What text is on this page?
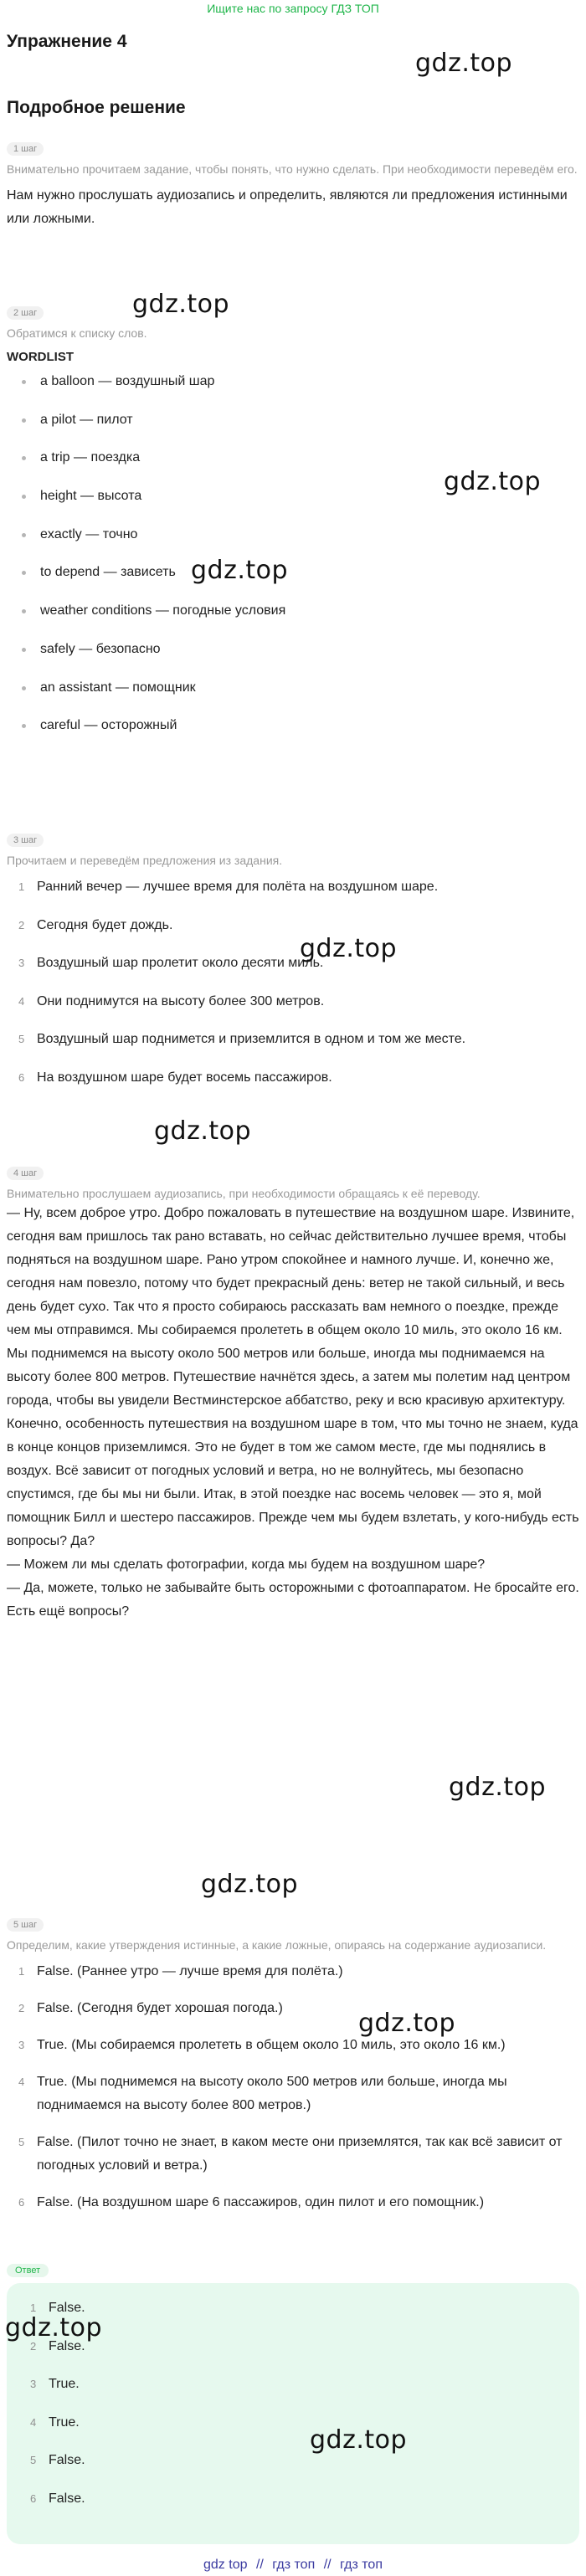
Ищите нас по запросу ГДЗ ТОП
Упражнение 4
gdz.top
Подробное решение
1 шаг
Внимательно прочитаем задание, чтобы понять, что нужно сделать. При необходимости переведём его.
Нам нужно прослушать аудиозапись и определить, являются ли предложения истинными или ложными.
gdz.top
2 шаг
Обратимся к списку слов.
WORDLIST
a balloon — воздушный шар
a pilot — пилот
a trip — поездка
height — высота
exactly — точно
to depend — зависеть
weather conditions — погодные условия
safely — безопасно
an assistant — помощник
careful — осторожный
gdz.top
gdz.top
3 шаг
Прочитаем и переведём предложения из задания.
1 Ранний вечер — лучшее время для полёта на воздушном шаре.
2 Сегодня будет дождь.
3 Воздушный шар пролетит около десяти миль.
4 Они поднимутся на высоту более 300 метров.
5 Воздушный шар поднимется и приземлится в одном и том же месте.
6 На воздушном шаре будет восемь пассажиров.
gdz.top
gdz.top
4 шаг
Внимательно прослушаем аудиозапись, при необходимости обращаясь к её переводу.
— Ну, всем доброе утро. Добро пожаловать в путешествие на воздушном шаре. Извините, сегодня вам пришлось так рано вставать, но сейчас действительно лучшее время, чтобы подняться на воздушном шаре. Рано утром спокойнее и намного лучше. И, конечно же, сегодня нам повезло, потому что будет прекрасный день: ветер не такой сильный, и весь день будет сухо. Так что я просто собираюсь рассказать вам немного о поездке, прежде чем мы отправимся. Мы собираемся пролететь в общем около 10 миль, это около 16 км. Мы поднимемся на высоту около 500 метров или больше, иногда мы поднимаемся на высоту более 800 метров. Путешествие начнётся здесь, а затем мы полетим над центром города, чтобы вы увидели Вестминстерское аббатство, реку и всю красивую архитектуру. Конечно, особенность путешествия на воздушном шаре в том, что мы точно не знаем, куда в конце концов приземлимся. Это не будет в том же самом месте, где мы поднялись в воздух. Всё зависит от погодных условий и ветра, но не волнуйтесь, мы безопасно спустимся, где бы мы ни были. Итак, в этой поездке нас восемь человек — это я, мой помощник Билл и шестеро пассажиров. Прежде чем мы будем взлетать, у кого-нибудь есть вопросы? Да?
— Можем ли мы сделать фотографии, когда мы будем на воздушном шаре?
— Да, можете, только не забывайте быть осторожными с фотоаппаратом. Не бросайте его. Есть ещё вопросы?
gdz.top
gdz.top
5 шаг
Определим, какие утверждения истинные, а какие ложные, опираясь на содержание аудиозаписи.
1 False. (Раннее утро — лучше время для полёта.)
2 False. (Сегодня будет хорошая погода.)
3 True. (Мы собираемся пролететь в общем около 10 миль, это около 16 км.)
4 True. (Мы поднимемся на высоту около 500 метров или больше, иногда мы поднимаемся на высоту более 800 метров.)
5 False. (Пилот точно не знает, в каком месте они приземлятся, так как всё зависит от погодных условий и ветра.)
6 False. (На воздушном шаре 6 пассажиров, один пилот и его помощник.)
gdz.top
Ответ
1 False.
2 False.
3 True.
4 True.
5 False.
6 False.
gdz.top
gdz.top
gdz top // гдз топ // гдз топ
